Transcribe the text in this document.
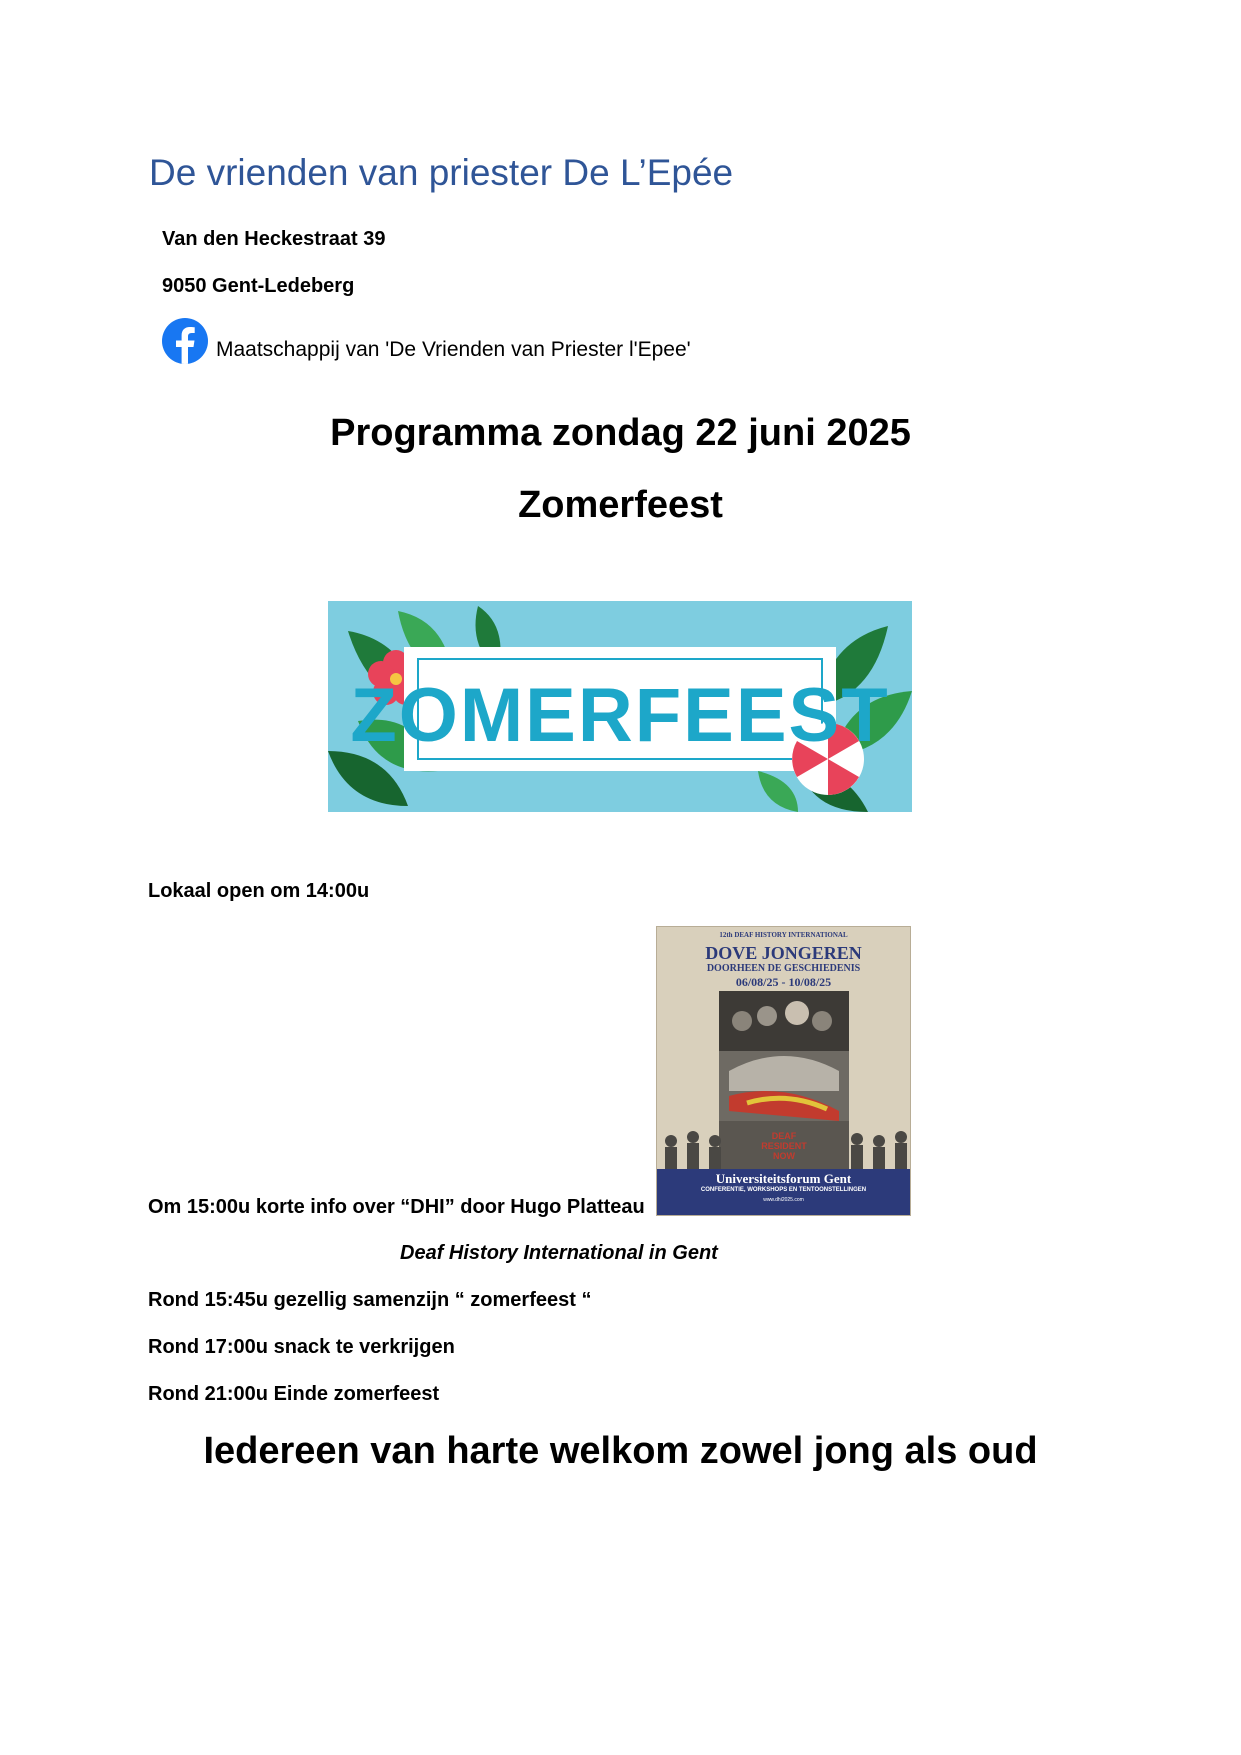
De vrienden van priester De L’Epée
Van den Heckestraat 39
9050 Gent-Ledeberg
Maatschappij van 'De Vrienden van Priester l'Epee'
Programma zondag 22 juni 2025
Zomerfeest
ZOMERFEEST
Lokaal open om 14:00u
12th DEAF HISTORY INTERNATIONAL
DOVE JONGEREN
DOORHEEN DE GESCHIEDENIS
06/08/25 - 10/08/25
DEAF
RESIDENT
NOW
Universiteitsforum Gent
CONFERENTIE, WORKSHOPS EN TENTOONSTELLINGEN
www.dhi2025.com
Om 15:00u korte info over “DHI” door Hugo Platteau
Deaf History International in Gent
Rond 15:45u gezellig samenzijn “ zomerfeest “
Rond 17:00u snack te verkrijgen
Rond 21:00u Einde zomerfeest
Iedereen van harte welkom zowel jong als oud
